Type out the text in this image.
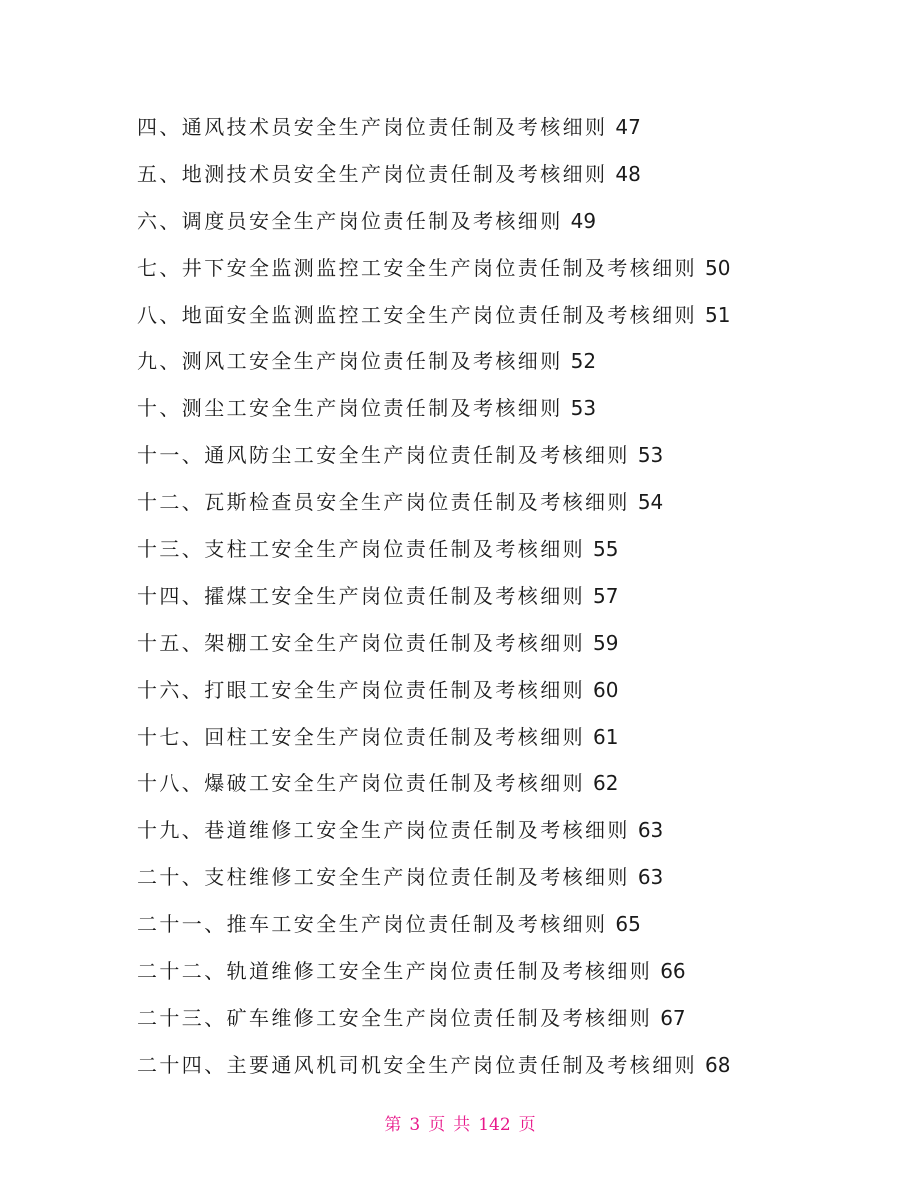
四、通风技术员安全生产岗位责任制及考核细则 47
五、地测技术员安全生产岗位责任制及考核细则 48
六、调度员安全生产岗位责任制及考核细则 49
七、井下安全监测监控工安全生产岗位责任制及考核细则 50
八、地面安全监测监控工安全生产岗位责任制及考核细则 51
九、测风工安全生产岗位责任制及考核细则 52
十、测尘工安全生产岗位责任制及考核细则 53
十一、通风防尘工安全生产岗位责任制及考核细则 53
十二、瓦斯检查员安全生产岗位责任制及考核细则 54
十三、支柱工安全生产岗位责任制及考核细则 55
十四、攉煤工安全生产岗位责任制及考核细则 57
十五、架棚工安全生产岗位责任制及考核细则 59
十六、打眼工安全生产岗位责任制及考核细则 60
十七、回柱工安全生产岗位责任制及考核细则 61
十八、爆破工安全生产岗位责任制及考核细则 62
十九、巷道维修工安全生产岗位责任制及考核细则 63
二十、支柱维修工安全生产岗位责任制及考核细则 63
二十一、推车工安全生产岗位责任制及考核细则 65
二十二、轨道维修工安全生产岗位责任制及考核细则 66
二十三、矿车维修工安全生产岗位责任制及考核细则 67
二十四、主要通风机司机安全生产岗位责任制及考核细则 68
第 3 页 共 142 页
